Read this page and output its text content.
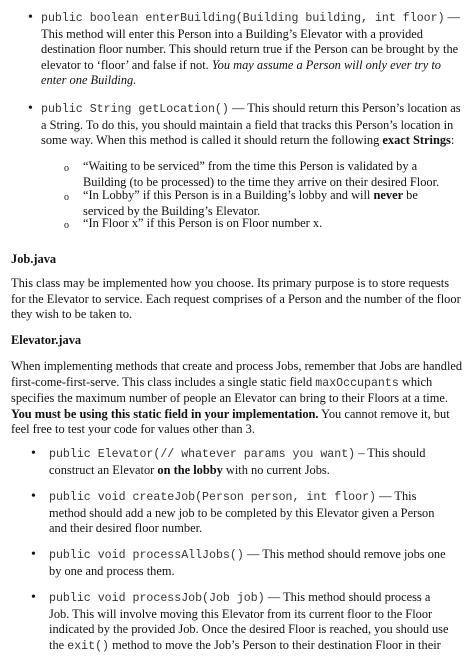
• public boolean enterBuilding(Building building, int floor) — This method will enter this Person into a Building’s Elevator with a provided destination floor number. This should return true if the Person can be brought by the elevator to ‘floor’ and false if not. You may assume a Person will only ever try to enter one Building.
• public String getLocation() — This should return this Person’s location as a String. To do this, you should maintain a field that tracks this Person’s location in some way. When this method is called it should return the following exact Strings:
o “Waiting to be serviced” from the time this Person is validated by a Building (to be processed) to the time they arrive on their desired Floor.
o “In Lobby” if this Person is in a Building’s lobby and will never be serviced by the Building’s Elevator.
o “In Floor x” if this Person is on Floor number x.
Job.java
This class may be implemented how you choose. Its primary purpose is to store requests for the Elevator to service. Each request comprises of a Person and the number of the floor they wish to be taken to.
Elevator.java
When implementing methods that create and process Jobs, remember that Jobs are handled first-come-first-serve. This class includes a single static field maxOccupants which specifies the maximum number of people an Elevator can bring to their Floors at a time. You must be using this static field in your implementation. You cannot remove it, but feel free to test your code for values other than 3.
• public Elevator(// whatever params you want) – This should construct an Elevator on the lobby with no current Jobs.
• public void createJob(Person person, int floor) — This method should add a new job to be completed by this Elevator given a Person and their desired floor number.
• public void processAllJobs() — This method should remove jobs one by one and process them.
• public void processJob(Job job) — This method should process a Job. This will involve moving this Elevator from its current floor to the Floor indicated by the provided Job. Once the desired Floor is reached, you should use the exit() method to move the Job’s Person to their destination Floor in their
